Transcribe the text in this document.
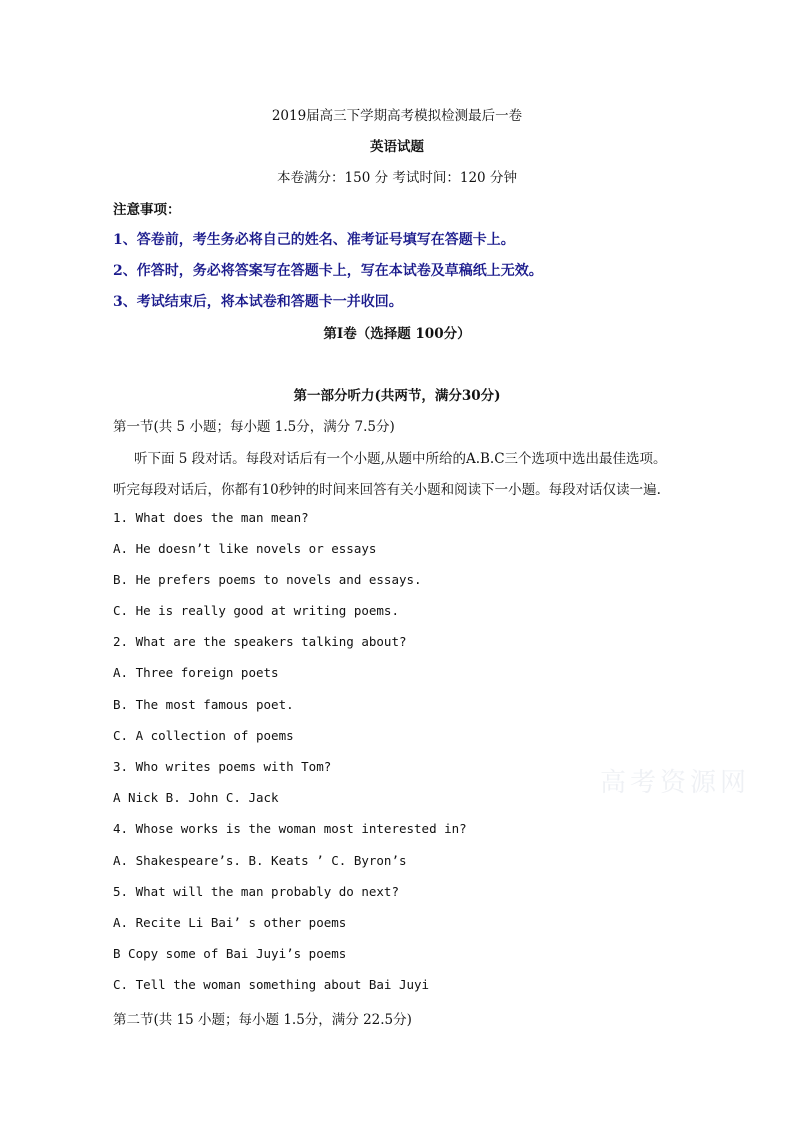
2019届高三下学期高考模拟检测最后一卷
英语试题
本卷满分：150 分 考试时间：120 分钟
注意事项：
1、答卷前，考生务必将自己的姓名、准考证号填写在答题卡上。
2、作答时，务必将答案写在答题卡上，写在本试卷及草稿纸上无效。
3、考试结束后，将本试卷和答题卡一并收回。
第Ⅰ卷（选择题 100分）
第一部分听力(共两节，满分30分)
第一节(共 5 小题；每小题 1.5分，满分 7.5分)
听下面 5 段对话。每段对话后有一个小题,从题中所给的A.B.C三个选项中选出最佳选项。
听完每段对话后，你都有10秒钟的时间来回答有关小题和阅读下一小题。每段对话仅读一遍.
1. What does the man mean?
A. He doesn’t like novels or essays
B. He prefers poems to novels and essays.
C. He is really good at writing poems.
2. What are the speakers talking about?
A. Three foreign poets
B. The most famous poet.
C. A collection of poems
3. Who writes poems with Tom?
A Nick B. John C. Jack
4. Whose works is the woman most interested in?
A. Shakespeare’s. B. Keats ’ C. Byron’s
5. What will the man probably do next?
A. Recite Li Bai’ s other poems
B Copy some of Bai Juyi’s poems
C. Tell the woman something about Bai Juyi
第二节(共 15 小题；每小题 1.5分，满分 22.5分)
高考资源网
